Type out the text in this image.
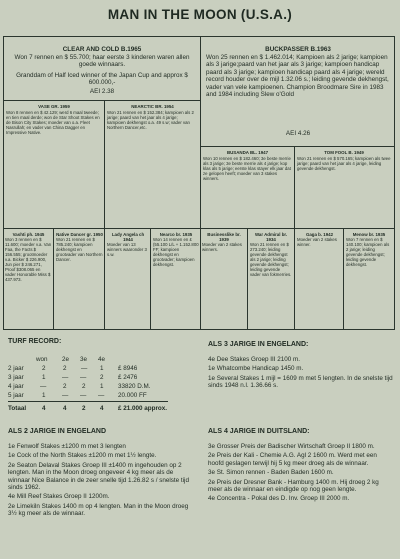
MAN IN THE MOON (U.S.A.)
CLEAR AND COLD B.1965
Won 7 rennen en $ 55.700; haar eerste 3 kinderen waren allen goede winnaars.
Granddam of Half Iced winner of the Japan Cup and approx $ 600.000,-
AEI 2.38
BUCKPASSER B.1963
Won 25 rennen en $ 1.462.014; Kampioen als 2 jarige; kampioen als 3 jarige;paard van het jaar als 3 jarige; kampioen handicap paard als 3 jarige; kampioen handicap paard als 4 jarige; wereld record houder over de mijl 1.32.06 s.; leiding gevende dekhengst, vader van vele kampioenen. Champion Broodmare Sire in 1983 and 1984 including Slew o'Gold
AEI 4.26
VASE GR. 1959
Won 8 rennen en $ 42.129; werd 6 maal tweede; en tien maal derde; won de Star Shoot Stakes en de Bison City Stakes; moeder van o.a. Fleet Nasrullah; en vader van China Dagger en Impressive Native.
NEARCTIC BR. 1954
Won 21 rennen en $ 152.384; kampioen als 2 jarige; paard van het jaar als 4 jarige; kampioen dekhengst o.a. 49 s.w; vader van Northern Dancer,etc.
BUSANDA BL. 1947
Won 10 rennen en $ 182.460; 3e beste merrie als 3 jarige; 3e beste merrie als 4 jarige; kop klas als 5 jarige; eerste klas stayer elk jaar dat ze gelopen heeft; moeder van 3 stakes winners.
TOM FOOL B. 1949
Won 21 rennen en $ 570.165; kampioen als twee jarige; paard van het jaar als 4 jarige, leiding gevende dekhengst.
Vashti ph. 1945
Won 3 rennen en $ 11.600; moeder v.a. Van Faa, the Facts $ 156.555; grootmoeder v.a. Bicker $ 226.900, Jun pier $ 246.271, Proof $308.065 en vader Honorable Miss $ 437.973.
Native Dancer gr. 1950
Won 21 rennen en $ 785.240; kampioen dekhengst en grootvader van Northern Dancer.
Lady Angela ch 1944
Moeder van 13 winners waaronder 3 s.w.
Nearco br. 1935
Won 14 rennen en £ (55.100 L/L + 1.152.800 FF; kampioen dekhengst en grootvader; kampioen dekhengst.
Businesslike br. 1939
Moeder van 2 stakes winners.
War Admiral br. 1934
Won 21 rennen en $ 273.240; leiding gevende dekhengst als 2 jarige; leiding gevende dekhengst; leiding gevende vader van fokmerries.
Gaga b. 1942
Moeder van 2 stakes winner.
Menow br. 1935
Won 7 rennen en $ 140.100; kampioen als 2 jarige; leiding gevende dekhengst; leiding gevende dekhengst.
TURF RECORD:
won 2e 3e 4e
2 jaar	2	2 — 1 £ 8946
3 jaar	1	— — 2 £ 2476
4 jaar	—	2 2 1 33820 D.M.
5 jaar	1	— — — 20.000 FF
Totaal	4	4 2 4 £ 21.000 approx.
ALS 3 JARIGE IN ENGELAND:
4e Dee Stakes Groep III 2100 m.
1e Whatcombe Handicap 1450 m.
1e Several Stakes 1 mijl = 1609 m met 5 lengten. In de snelste tijd sinds 1948 n.l. 1.36.66 s.
ALS 2 JARIGE IN ENGELAND
1e Fenwolf Stakes ±1200 m met 3 lengten
1e Cock of the North Stakes ±1200 m met 1½ lengte.
2e Seaton Delaval Stakes Groep III ±1400 m ingehouden op 2 lengten. Man in the Moon droeg ongeveer 4 kg meer als de winnaar Nice Balance in de zeer snelle tijd 1.26.82 s / snelste tijd sinds 1962.
4e Mill Reef Stakes Groep II 1200m.
2e Limekiln Stakes 1400 m op 4 lengten. Man in the Moon droeg 3½ kg meer als de winnaar.
ALS 4 JARIGE IN DUITSLAND:
3e Grosser Preis der Badischer Wirtschaft Groep II 1800 m.
2e Preis der Kali - Chemie A.G. Agl 2 1600 m. Werd met een hoofd geslagen terwijl hij 5 kg meer droeg als de winnaar.
3e St. Simon rennen - Baden Baden 1600 m.
2e Preis der Dresner Bank - Hamburg 1400 m. Hij droeg 2 kg meer als de winnaar en eindigde op nog geen lengte.
4e Concentra - Pokal des D. Inv. Groep III 2000 m.
